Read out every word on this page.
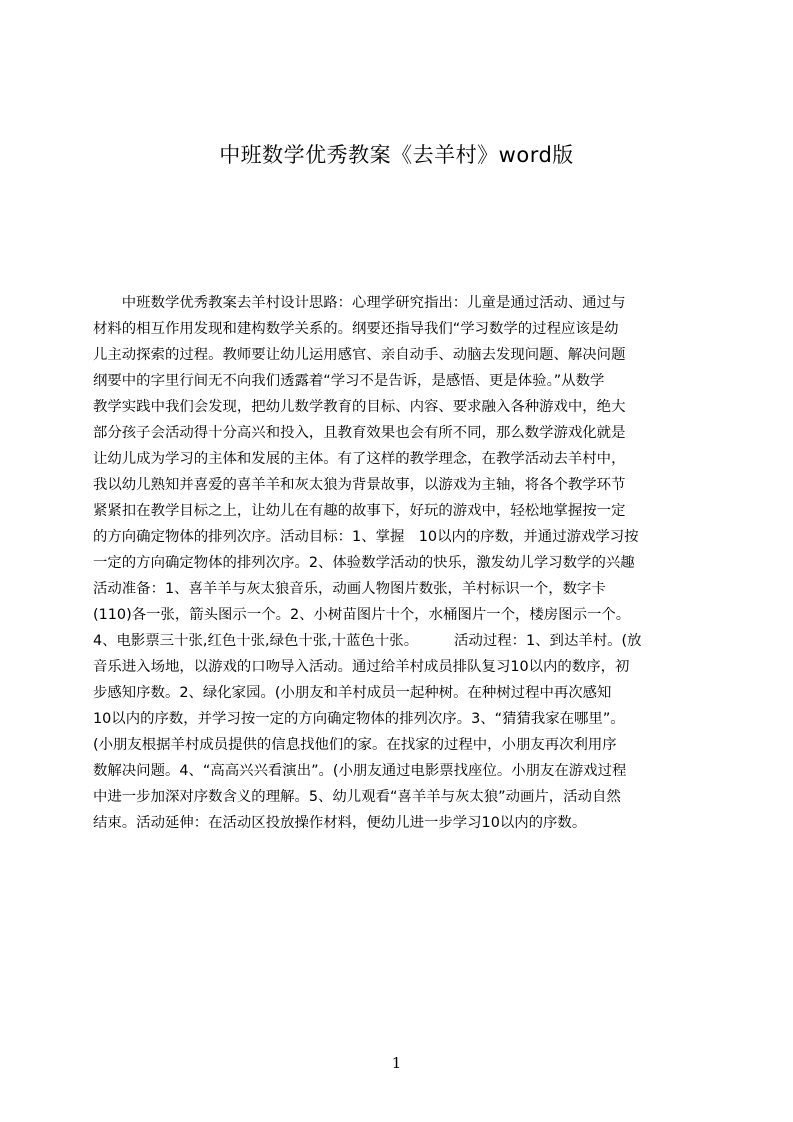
中班数学优秀教案《去羊村》word版
　　中班数学优秀教案去羊村设计思路：心理学研究指出：儿童是通过活动、通过与
材料的相互作用发现和建构数学关系的。纲要还指导我们“学习数学的过程应该是幼
儿主动探索的过程。教师要让幼儿运用感官、亲自动手、动脑去发现问题、解决问题
纲要中的字里行间无不向我们透露着“学习不是告诉，是感悟、更是体验。”从数学
教学实践中我们会发现，把幼儿数学教育的目标、内容、要求融入各种游戏中，绝大
部分孩子会活动得十分高兴和投入，且教育效果也会有所不同，那么数学游戏化就是
让幼儿成为学习的主体和发展的主体。有了这样的教学理念，在教学活动去羊村中，
我以幼儿熟知并喜爱的喜羊羊和灰太狼为背景故事，以游戏为主轴，将各个教学环节
紧紧扣在教学目标之上，让幼儿在有趣的故事下，好玩的游戏中，轻松地掌握按一定
的方向确定物体的排列次序。活动目标：1、掌握　10以内的序数，并通过游戏学习按
一定的方向确定物体的排列次序。2、体验数学活动的快乐，激发幼儿学习数学的兴趣
活动准备：1、喜羊羊与灰太狼音乐，动画人物图片数张，羊村标识一个，数字卡
(110)各一张，箭头图示一个。2、小树苗图片十个，水桶图片一个，楼房图示一个。
4、电影票三十张,红色十张,绿色十张,十蓝色十张。　　　活动过程：1、到达羊村。(放
音乐进入场地，以游戏的口吻导入活动。通过给羊村成员排队复习10以内的数序，初
步感知序数。2、绿化家园。(小朋友和羊村成员一起种树。在种树过程中再次感知
10以内的序数，并学习按一定的方向确定物体的排列次序。3、“猜猜我家在哪里”。
(小朋友根据羊村成员提供的信息找他们的家。在找家的过程中，小朋友再次利用序
数解决问题。4、“高高兴兴看演出”。(小朋友通过电影票找座位。小朋友在游戏过程
中进一步加深对序数含义的理解。5、幼儿观看“喜羊羊与灰太狼”动画片，活动自然
结束。活动延伸：在活动区投放操作材料，便幼儿进一步学习10以内的序数。
1
